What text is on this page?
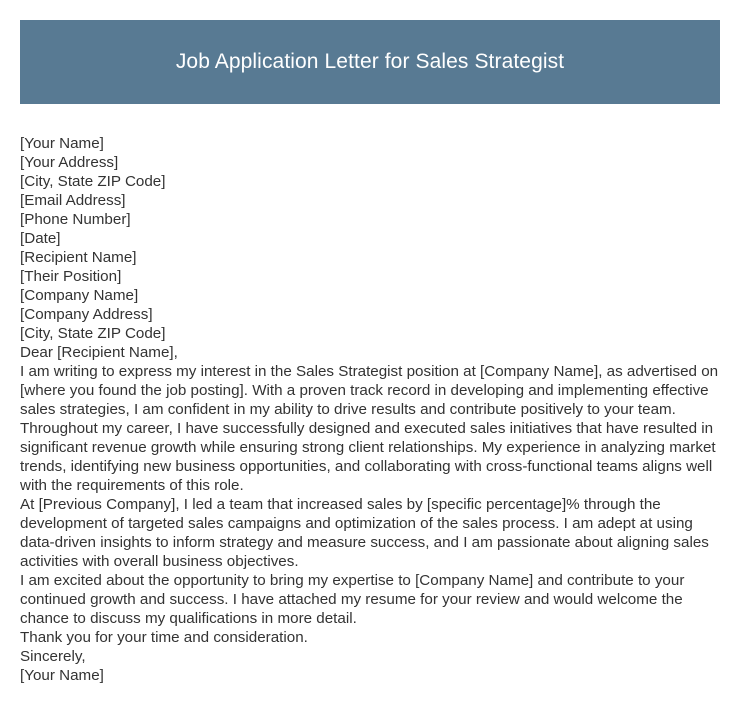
Job Application Letter for Sales Strategist

[Your Name]

[Your Address]

[City, State ZIP Code]

[Email Address]

[Phone Number]

[Date]

[Recipient Name]

[Their Position]

[Company Name]

[Company Address]

[City, State ZIP Code]

Dear [Recipient Name],

I am writing to express my interest in the Sales Strategist position at [Company Name], as advertised on [where you found the job posting]. With a proven track record in developing and implementing effective sales strategies, I am confident in my ability to drive results and contribute positively to your team.

Throughout my career, I have successfully designed and executed sales initiatives that have resulted in significant revenue growth while ensuring strong client relationships. My experience in analyzing market trends, identifying new business opportunities, and collaborating with cross-functional teams aligns well with the requirements of this role.

At [Previous Company], I led a team that increased sales by [specific percentage]% through the development of targeted sales campaigns and optimization of the sales process. I am adept at using data-driven insights to inform strategy and measure success, and I am passionate about aligning sales activities with overall business objectives.

I am excited about the opportunity to bring my expertise to [Company Name] and contribute to your continued growth and success. I have attached my resume for your review and would welcome the chance to discuss my qualifications in more detail.

Thank you for your time and consideration.

Sincerely,

[Your Name]
